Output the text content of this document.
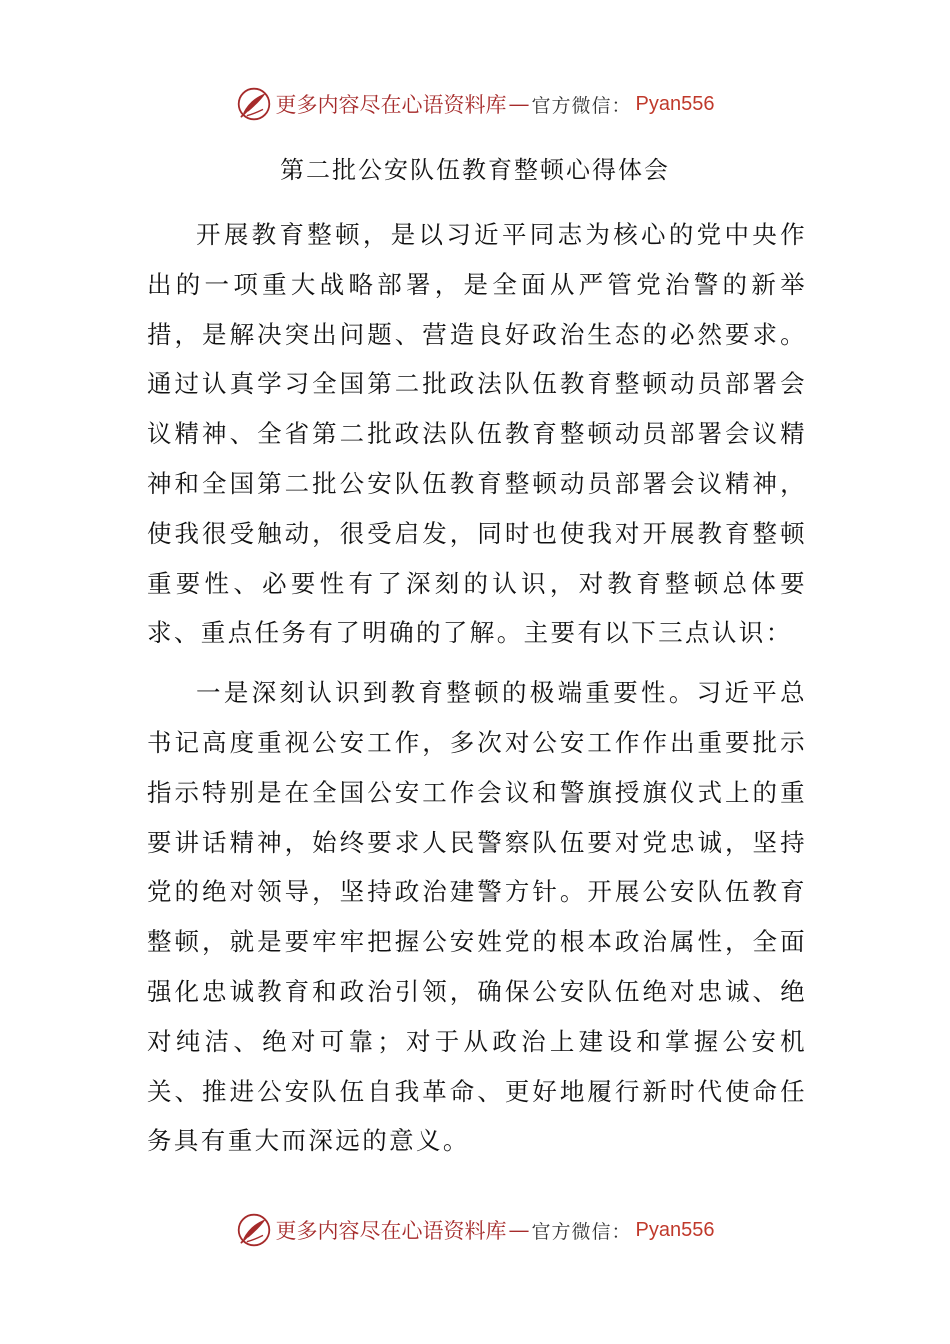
更多内容尽在心语资料库 — 官方微信： Pyan556
第二批公安队伍教育整顿心得体会

开展教育整顿，是以习近平同志为核心的党中央作出的一项重大战略部署，是全面从严管党治警的新举措，是解决突出问题、营造良好政治生态的必然要求。通过认真学习全国第二批政法队伍教育整顿动员部署会议精神、全省第二批政法队伍教育整顿动员部署会议精神和全国第二批公安队伍教育整顿动员部署会议精神，使我很受触动，很受启发，同时也使我对开展教育整顿重要性、必要性有了深刻的认识，对教育整顿总体要求、重点任务有了明确的了解。主要有以下三点认识：

一是深刻认识到教育整顿的极端重要性。习近平总书记高度重视公安工作，多次对公安工作作出重要批示指示特别是在全国公安工作会议和警旗授旗仪式上的重要讲话精神，始终要求人民警察队伍要对党忠诚，坚持党的绝对领导，坚持政治建警方针。开展公安队伍教育整顿，就是要牢牢把握公安姓党的根本政治属性，全面强化忠诚教育和政治引领，确保公安队伍绝对忠诚、绝对纯洁、绝对可靠；对于从政治上建设和掌握公安机关、推进公安队伍自我革命、更好地履行新时代使命任务具有重大而深远的意义。

更多内容尽在心语资料库 — 官方微信： Pyan556
